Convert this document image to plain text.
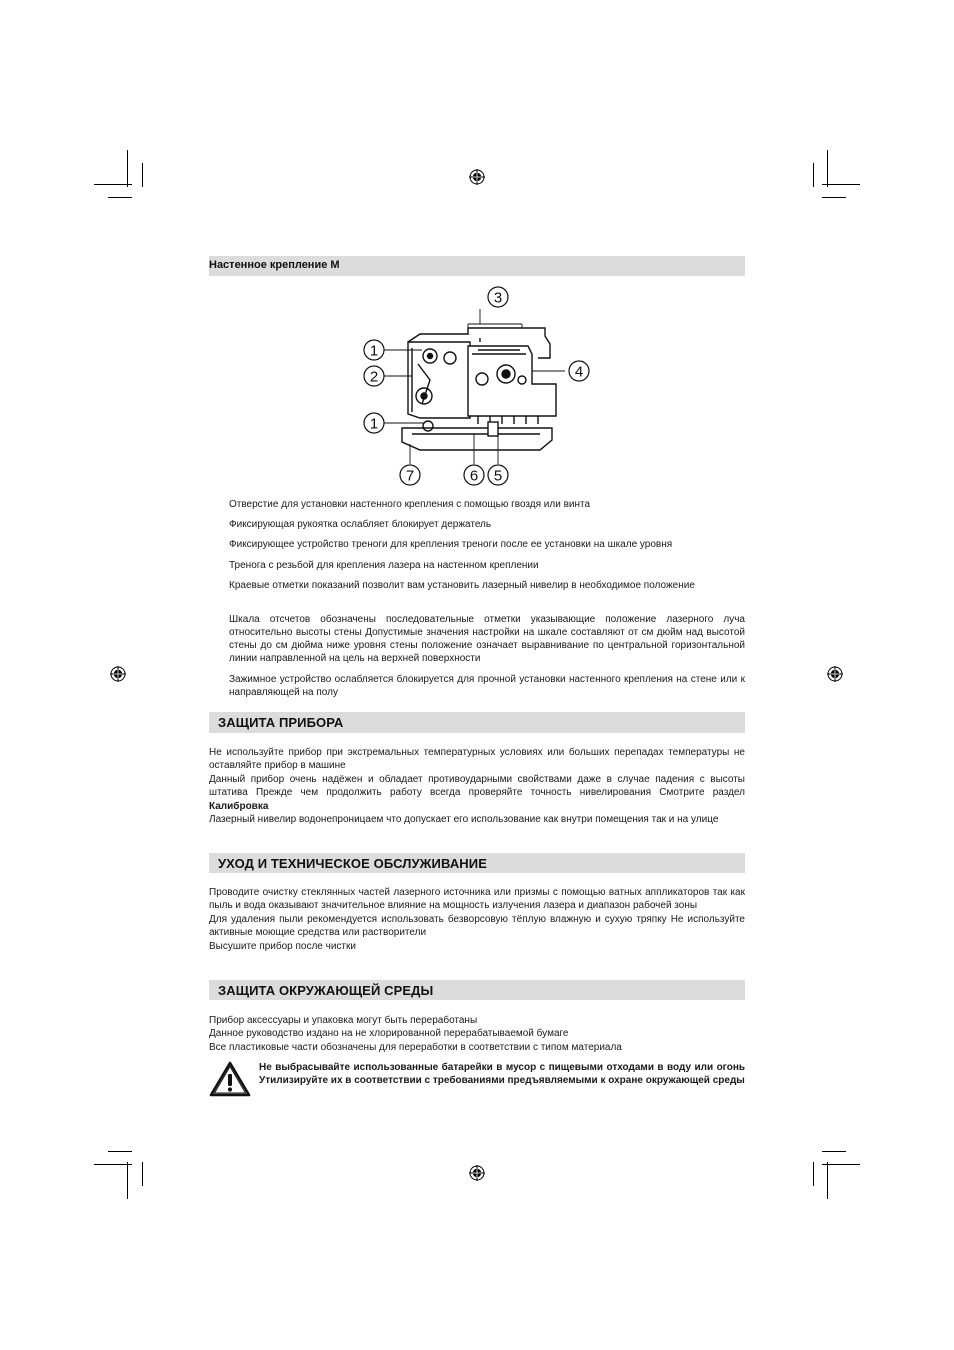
Настенное крепление M
1
2
1
3
4
7	6 5
Отверстие для установки настенного крепления с помощью гвоздя или винта
Фиксирующая рукоятка ослабляет блокирует держатель
Фиксирующее устройство треноги для крепления треноги после ее установки на шкале уровня
Тренога с резьбой для крепления лазера на настенном креплении
Краевые отметки показаний позволит вам установить лазерный нивелир в необходимое положение
Шкала отсчетов обозначены последовательные отметки указывающие положение лазерного луча относительно высоты стены Допустимые значения настройки на шкале составляют от см дюйм над высотой стены до см дюйма ниже уровня стены положение означает выравнивание по центральной горизонтальной линии направленной на цель на верхней поверхности
Зажимное устройство ослабляется блокируется для прочной установки настенного крепления на стене или к направляющей на полу
ЗАЩИТА ПРИБОРА

Не используйте прибор при экстремальных температурных условиях или больших перепадах температуры не оставляйте прибор в машине

Данный прибор очень надёжен и обладает противоударными свойствами даже в случае падения с высоты штатива Прежде чем продолжить работу всегда проверяйте точность нивелирования Смотрите раздел Калибровка

Лазерный нивелир водонепроницаем что допускает его использование как внутри помещения так и на улице

УХОД И ТЕХНИЧЕСКОЕ ОБСЛУЖИВАНИЕ

Проводите очистку стеклянных частей лазерного источника или призмы с помощью ватных аппликаторов так как пыль и вода оказывают значительное влияние на мощность излучения лазера и диапазон рабочей зоны

Для удаления пыли рекомендуется использовать безворсовую тёплую влажную и сухую тряпку Не используйте активные моющие средства или растворители

Высушите прибор после чистки

ЗАЩИТА ОКРУЖАЮЩЕЙ СРЕДЫ

Прибор аксессуары и упаковка могут быть переработаны

Данное руководство издано на не хлорированной перерабатываемой бумаге

Все пластиковые части обозначены для переработки в соответствии с типом материала

Не выбрасывайте использованные батарейки в мусор с пищевыми отходами в воду или огонь Утилизируйте их в соответствии с требованиями предъявляемыми к охране окружающей среды
